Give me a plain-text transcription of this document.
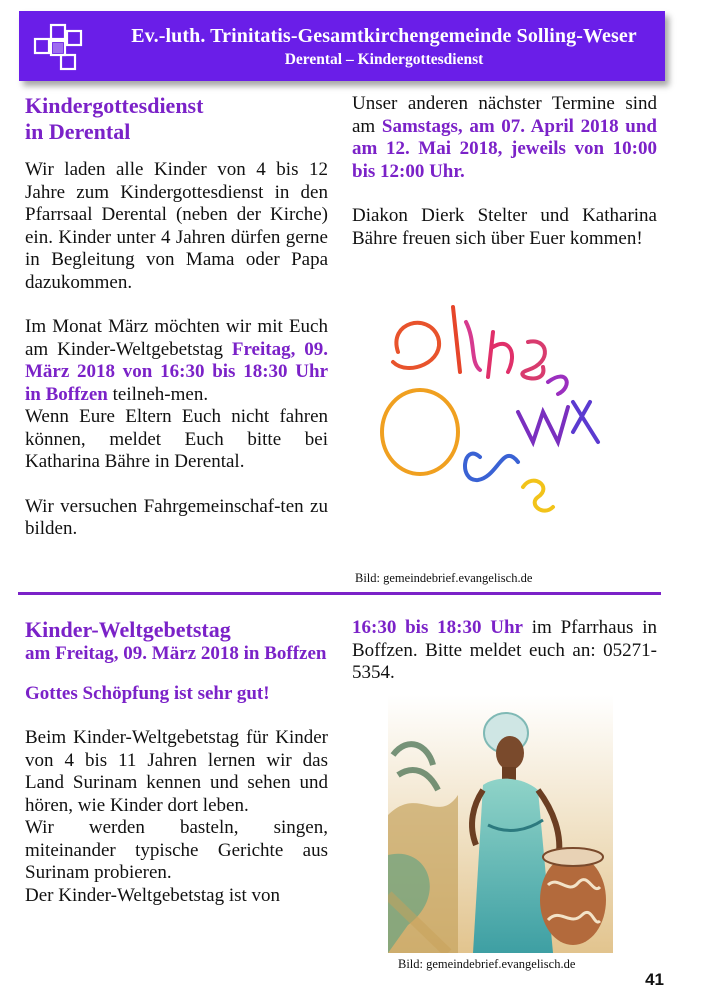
Ev.-luth. Trinitatis-Gesamtkirchengemeinde Solling-Weser
Derental – Kindergottesdienst
Kindergottesdienst
in Derental

Wir laden alle Kinder von 4 bis 12 Jahre zum Kindergottesdienst in den Pfarrsaal Derental (neben der Kirche) ein. Kinder unter 4 Jahren dürfen gerne in Begleitung von Mama oder Papa dazukommen.

Im Monat März möchten wir mit Euch am Kinder-Weltgebetstag Freitag, 09. März 2018 von 16:30 bis 18:30 Uhr in Boffzen teilneh-men.

Wenn Eure Eltern Euch nicht fahren können, meldet Euch bitte bei Katharina Bähre in Derental.

Wir versuchen Fahrgemeinschaf-ten zu bilden.

Unser anderen nächster Termine sind am Samstags, am 07. April 2018 und am 12. Mai 2018, jeweils von 10:00 bis 12:00 Uhr.

Diakon Dierk Stelter und Katharina Bähre freuen sich über Euer kommen!

Bild: gemeindebrief.evangelisch.de
Kinder-Weltgebetstag
am Freitag, 09. März 2018 in Boffzen
Gottes Schöpfung ist sehr gut!

Beim Kinder-Weltgebetstag für Kinder von 4 bis 11 Jahren lernen wir das Land Surinam kennen und sehen und hören, wie Kinder dort leben.

Wir werden basteln, singen, miteinander typische Gerichte aus Surinam probieren.

Der Kinder-Weltgebetstag ist von

16:30 bis 18:30 Uhr im Pfarrhaus in Boffzen. Bitte meldet euch an: 05271-5354.

Bild: gemeindebrief.evangelisch.de
41
